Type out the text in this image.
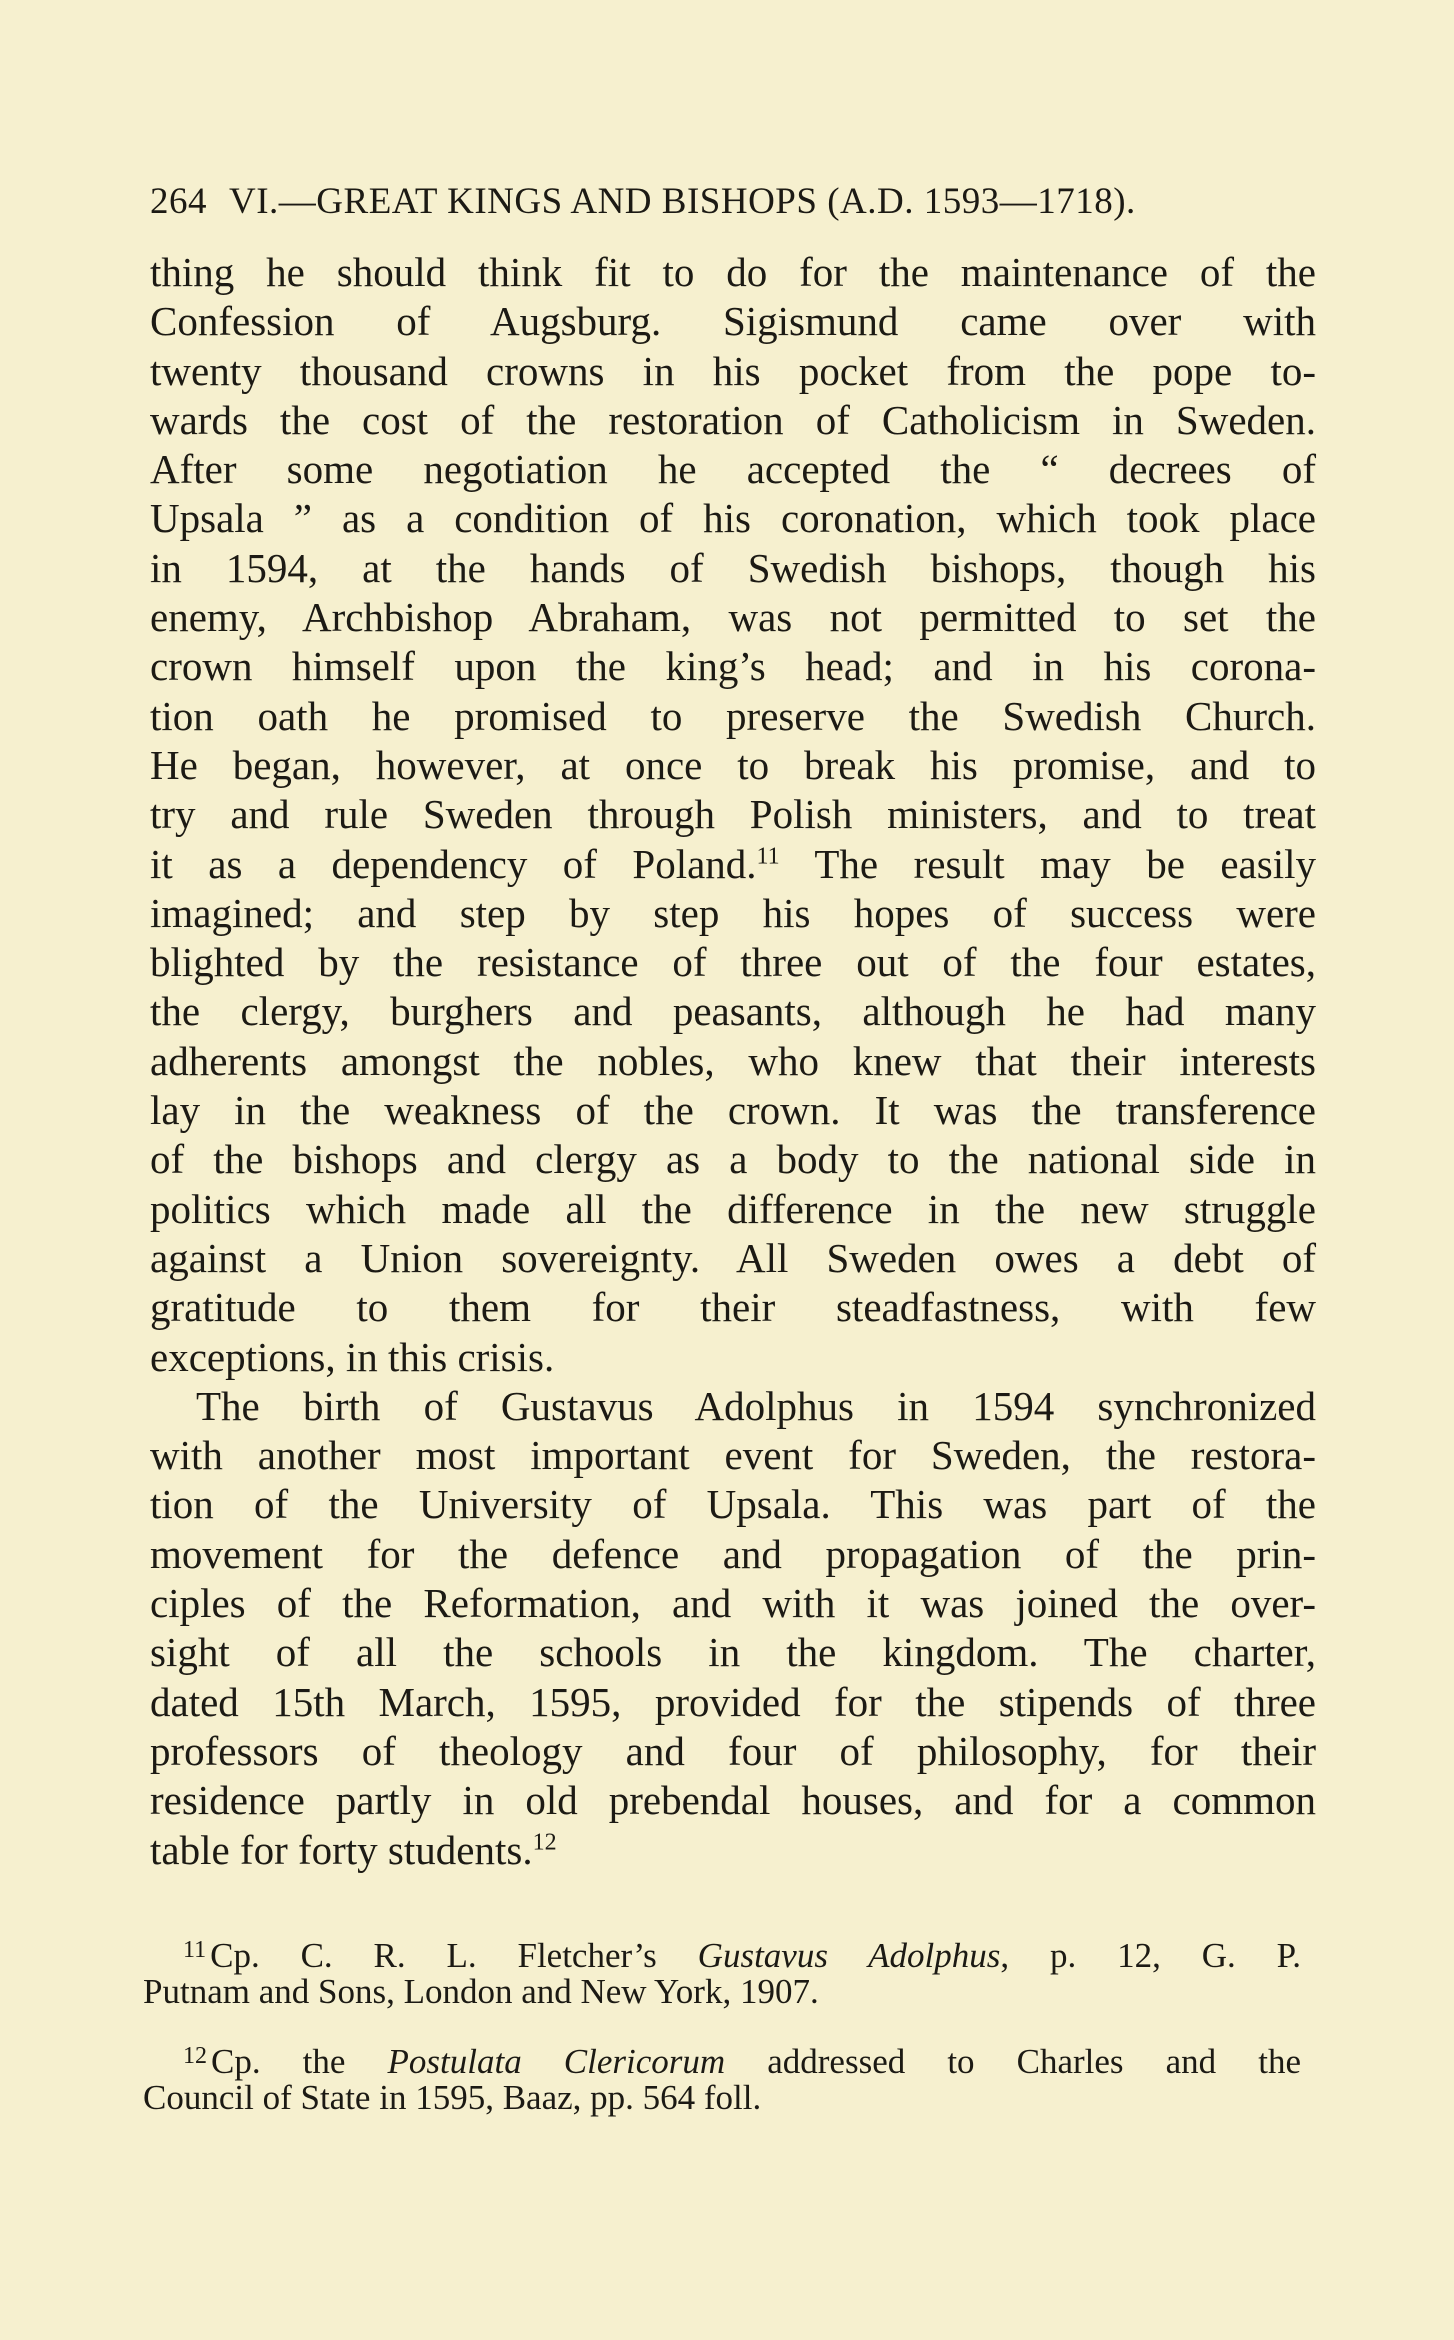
264 VI.—GREAT KINGS AND BISHOPS (A.D. 1593—1718).
thing he should think fit to do for the maintenance of the
Confession of Augsburg. Sigismund came over with
twenty thousand crowns in his pocket from the pope to-
wards the cost of the restoration of Catholicism in Sweden.
After some negotiation he accepted the “ decrees of
Upsala ” as a condition of his coronation, which took place
in 1594, at the hands of Swedish bishops, though his
enemy, Archbishop Abraham, was not permitted to set the
crown himself upon the king’s head; and in his corona-
tion oath he promised to preserve the Swedish Church.
He began, however, at once to break his promise, and to
try and rule Sweden through Polish ministers, and to treat
it as a dependency of Poland.$^{11}$ The result may be easily
imagined; and step by step his hopes of success were
blighted by the resistance of three out of the four estates,
the clergy, burghers and peasants, although he had many
adherents amongst the nobles, who knew that their interests
lay in the weakness of the crown. It was the transference
of the bishops and clergy as a body to the national side in
politics which made all the difference in the new struggle
against a Union sovereignty. All Sweden owes a debt of
gratitude to them for their steadfastness, with few
exceptions, in this crisis.
The birth of Gustavus Adolphus in 1594 synchronized
with another most important event for Sweden, the restora-
tion of the University of Upsala. This was part of the
movement for the defence and propagation of the prin-
ciples of the Reformation, and with it was joined the over-
sight of all the schools in the kingdom. The charter,
dated 15th March, 1595, provided for the stipends of three
professors of theology and four of philosophy, for their
residence partly in old prebendal houses, and for a common
table for forty students.$^{12}$
$^{11}$ Cp. C. R. L. Fletcher’s Gustavus Adolphus, p. 12, G. P.
Putnam and Sons, London and New York, 1907.
$^{12}$ Cp. the Postulata Clericorum addressed to Charles and the
Council of State in 1595, Baaz, pp. 564 foll.
